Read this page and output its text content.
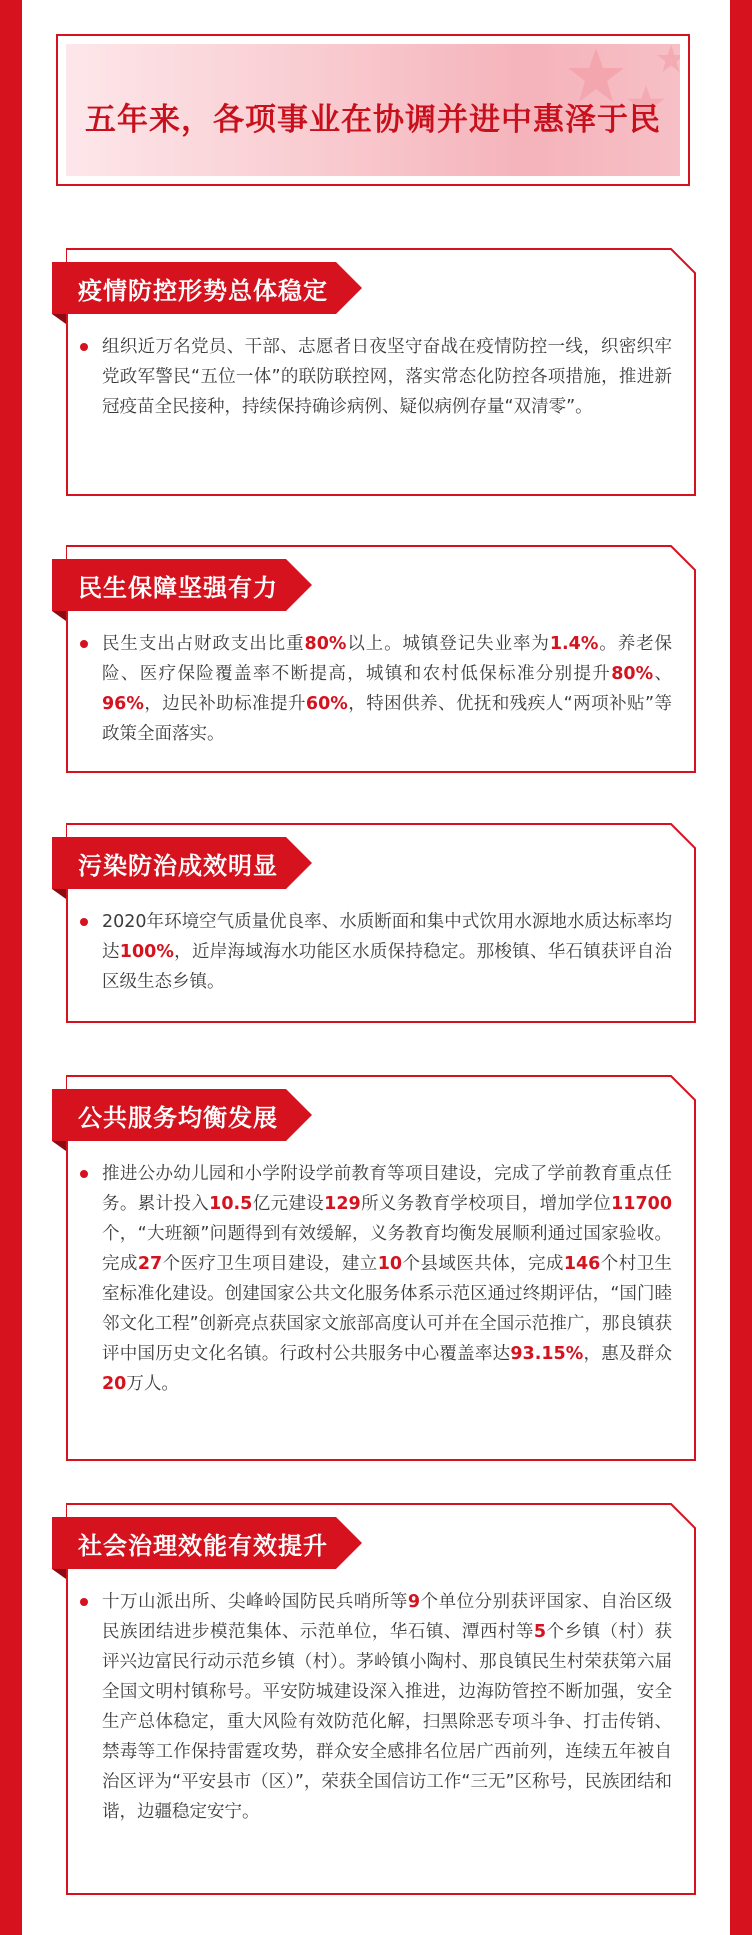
五年来，各项事业在协调并进中惠泽于民
疫情防控形势总体稳定
组织近万名党员、干部、志愿者日夜坚守奋战在疫情防控一线，织密织牢党政军警民“五位一体”的联防联控网，落实常态化防控各项措施，推进新冠疫苗全民接种，持续保持确诊病例、疑似病例存量“双清零”。
民生保障坚强有力
民生支出占财政支出比重80%以上。城镇登记失业率为1.4%。养老保险、医疗保险覆盖率不断提高，城镇和农村低保标准分别提升80%、96%，边民补助标准提升60%，特困供养、优抚和残疾人“两项补贴”等政策全面落实。
污染防治成效明显
2020年环境空气质量优良率、水质断面和集中式饮用水源地水质达标率均达100%，近岸海域海水功能区水质保持稳定。那梭镇、华石镇获评自治区级生态乡镇。
公共服务均衡发展
推进公办幼儿园和小学附设学前教育等项目建设，完成了学前教育重点任务。累计投入10.5亿元建设129所义务教育学校项目，增加学位11700个，“大班额”问题得到有效缓解，义务教育均衡发展顺利通过国家验收。完成27个医疗卫生项目建设，建立10个县域医共体，完成146个村卫生室标准化建设。创建国家公共文化服务体系示范区通过终期评估，“国门睦邻文化工程”创新亮点获国家文旅部高度认可并在全国示范推广，那良镇获评中国历史文化名镇。行政村公共服务中心覆盖率达93.15%，惠及群众20万人。
社会治理效能有效提升
十万山派出所、尖峰岭国防民兵哨所等9个单位分别获评国家、自治区级民族团结进步模范集体、示范单位，华石镇、潭西村等5个乡镇（村）获评兴边富民行动示范乡镇（村）。茅岭镇小陶村、那良镇民生村荣获第六届全国文明村镇称号。平安防城建设深入推进，边海防管控不断加强，安全生产总体稳定，重大风险有效防范化解，扫黑除恶专项斗争、打击传销、禁毒等工作保持雷霆攻势，群众安全感排名位居广西前列，连续五年被自治区评为“平安县市（区）”，荣获全国信访工作“三无”区称号，民族团结和谐，边疆稳定安宁。
